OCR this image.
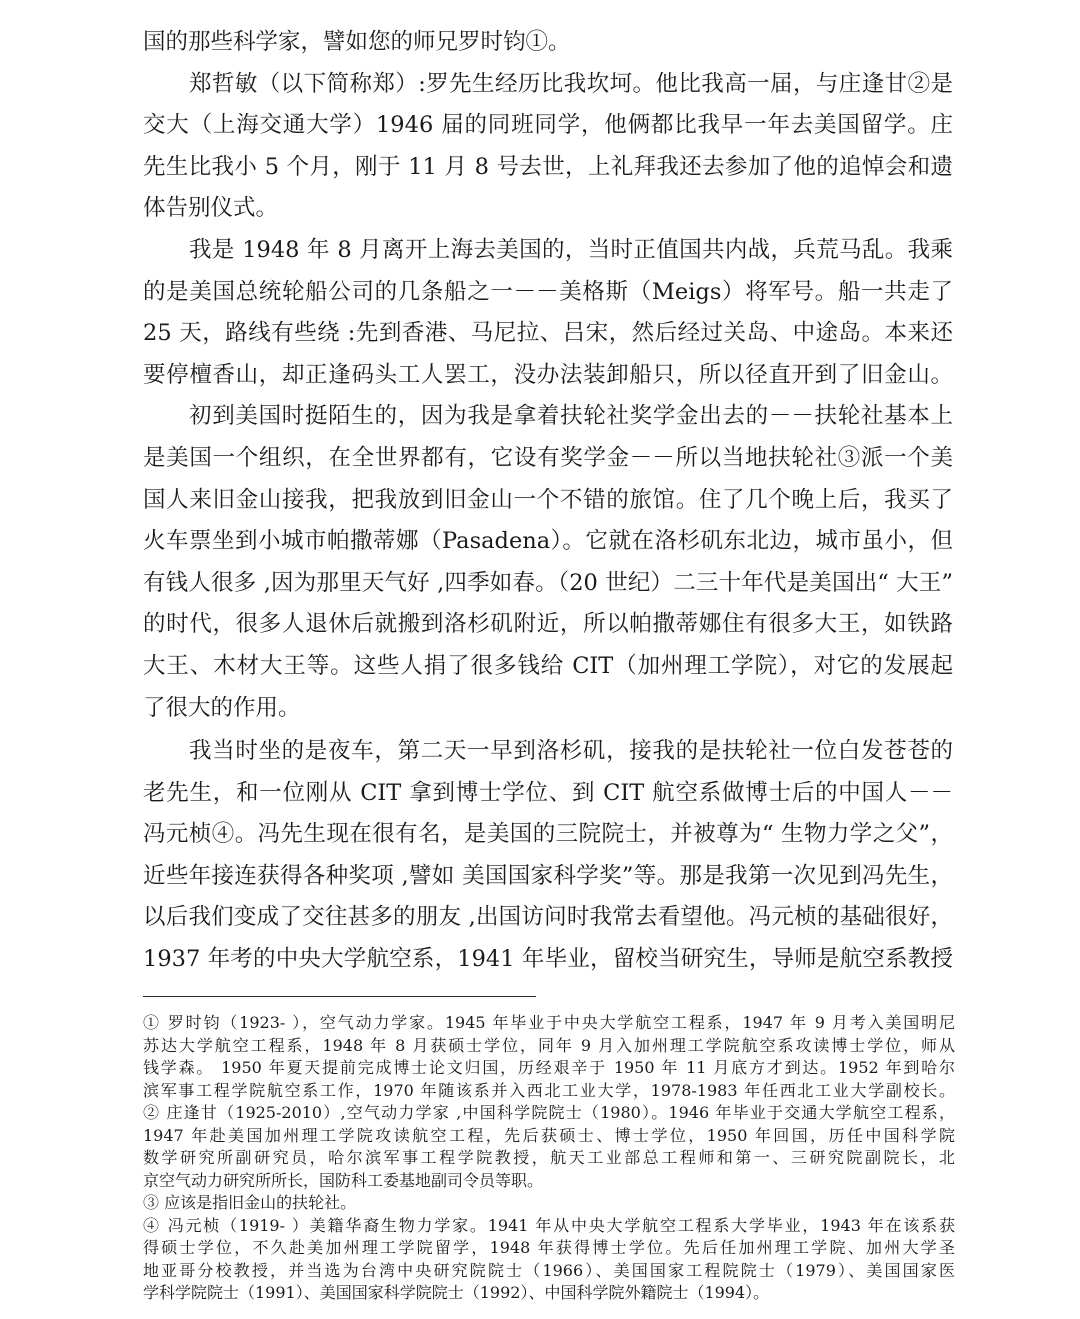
国的那些科学家，譬如您的师兄罗时钧①。
郑哲敏（以下简称郑）:罗先生经历比我坎坷。他比我高一届，与庄逢甘②是
交大（上海交通大学）1946 届的同班同学，他俩都比我早一年去美国留学。庄
先生比我小 5 个月，刚于 11 月 8 号去世，上礼拜我还去参加了他的追悼会和遗
体告别仪式。
我是 1948 年 8 月离开上海去美国的，当时正值国共内战，兵荒马乱。我乘
的是美国总统轮船公司的几条船之一－－美格斯（Meigs）将军号。船一共走了
25 天，路线有些绕 :先到香港、马尼拉、吕宋，然后经过关岛、中途岛。本来还
要停檀香山，却正逢码头工人罢工，没办法装卸船只，所以径直开到了旧金山。
初到美国时挺陌生的，因为我是拿着扶轮社奖学金出去的－－扶轮社基本上
是美国一个组织，在全世界都有，它设有奖学金－－所以当地扶轮社③派一个美
国人来旧金山接我，把我放到旧金山一个不错的旅馆。住了几个晚上后，我买了
火车票坐到小城市帕撒蒂娜（Pasadena）。它就在洛杉矶东北边，城市虽小，但
有钱人很多 ,因为那里天气好 ,四季如春。（20 世纪）二三十年代是美国出“ 大王”
的时代，很多人退休后就搬到洛杉矶附近，所以帕撒蒂娜住有很多大王，如铁路
大王、木材大王等。这些人捐了很多钱给 CIT（加州理工学院），对它的发展起
了很大的作用。
我当时坐的是夜车，第二天一早到洛杉矶，接我的是扶轮社一位白发苍苍的
老先生，和一位刚从 CIT 拿到博士学位、到 CIT 航空系做博士后的中国人－－
冯元桢④。冯先生现在很有名，是美国的三院院士，并被尊为“ 生物力学之父”，
近些年接连获得各种奖项 ,譬如 美国国家科学奖”等。那是我第一次见到冯先生，
以后我们变成了交往甚多的朋友 ,出国访问时我常去看望他。冯元桢的基础很好，
1937 年考的中央大学航空系，1941 年毕业，留校当研究生，导师是航空系教授
① 罗时钧（1923- ），空气动力学家。1945 年毕业于中央大学航空工程系，1947 年 9 月考入美国明尼
苏达大学航空工程系，1948 年 8 月获硕士学位，同年 9 月入加州理工学院航空系攻读博士学位，师从
钱学森。 1950 年夏天提前完成博士论文归国，历经艰辛于 1950 年 11 月底方才到达。1952 年到哈尔
滨军事工程学院航空系工作，1970 年随该系并入西北工业大学，1978-1983 年任西北工业大学副校长。
② 庄逢甘（1925-2010）,空气动力学家 ,中国科学院院士（1980）。1946 年毕业于交通大学航空工程系，
1947 年赴美国加州理工学院攻读航空工程，先后获硕士、博士学位，1950 年回国，历任中国科学院
数学研究所副研究员，哈尔滨军事工程学院教授，航天工业部总工程师和第一、三研究院副院长，北
京空气动力研究所所长，国防科工委基地副司令员等职。
③ 应该是指旧金山的扶轮社。
④ 冯元桢（1919- ）美籍华裔生物力学家。1941 年从中央大学航空工程系大学毕业，1943 年在该系获
得硕士学位，不久赴美加州理工学院留学，1948 年获得博士学位。先后任加州理工学院、加州大学圣
地亚哥分校教授，并当选为台湾中央研究院院士（1966）、美国国家工程院院士（1979）、美国国家医
学科学院院士（1991）、美国国家科学院院士（1992）、中国科学院外籍院士（1994）。
